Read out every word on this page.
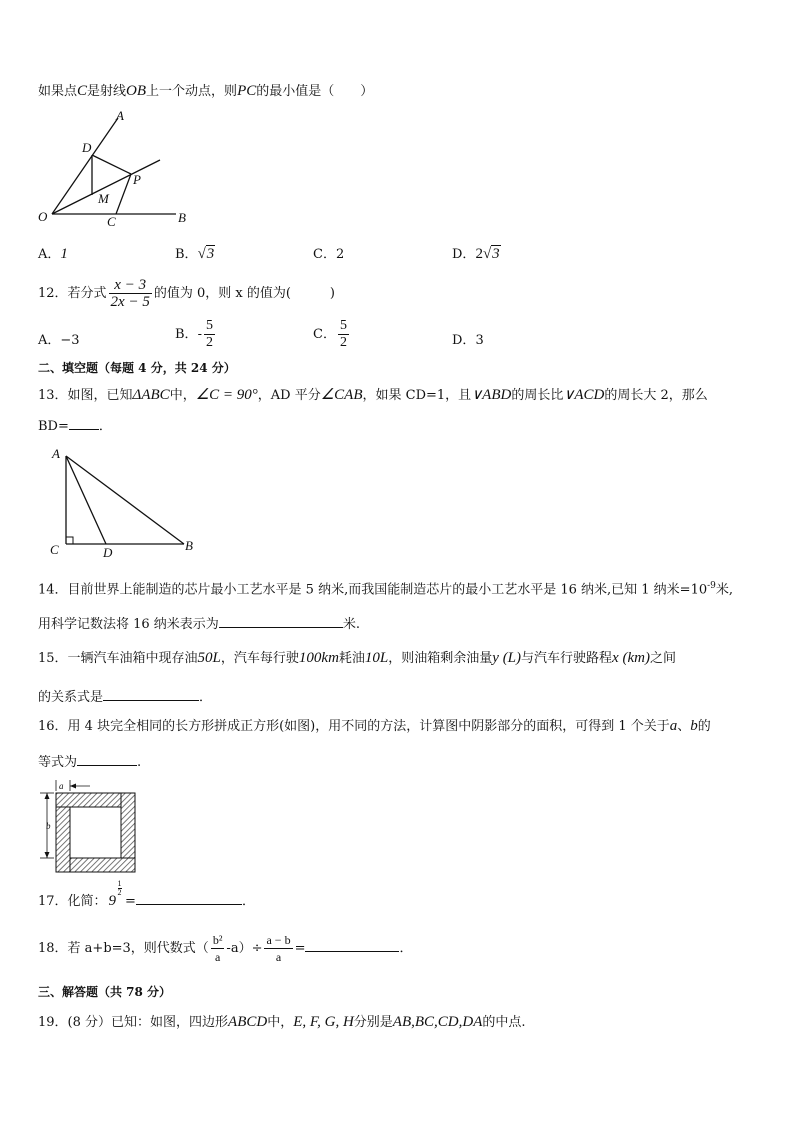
如果点C是射线OB上一个动点，则PC的最小值是（　　）
A
B
C
D
M
O
P
A．1	B．√3	C．2	D．2√3
12．若分式 $\frac{x - 3}{2x - 5}$ 的值为 0，则 x 的值为(　　　)
A．−3	B．- $\frac{5}{2}$	C． $\frac{5}{2}$	D．3
二、填空题（每题 4 分，共 24 分）
13．如图，已知ΔABC中，∠C = 90°，AD 平分∠CAB，如果 CD=1，且∨ABD的周长比∨ACD的周长大 2，那么
BD= ．
A
B
C	D
14．目前世界上能制造的芯片最小工艺水平是 5 纳米,而我国能制造芯片的最小工艺水平是 16 纳米,已知 1 纳米$=10^{-9}$米,
用科学记数法将 16 纳米表示为	米.
15．一辆汽车油箱中现存油50L，汽车每行驶100km耗油10L，则油箱剩余油量y (L)与汽车行驶路程x (km)之间
的关系式是	．
16．用 4 块完全相同的长方形拼成正方形(如图)，用不同的方法，计算图中阴影部分的面积，可得到 1 个关于a、b的
等式为	.
a
b
17．化简： 9
1
2
=	．
18．若 a+b=3，则代数式（ $\frac{\text{b²}}{a} -a)\div \frac{a - b}{a}$ =	．
三、解答题（共 78 分）
19．(8 分）已知：如图，四边形ABCD中，E, F, G, H分别是AB,BC,CD,DA的中点.
